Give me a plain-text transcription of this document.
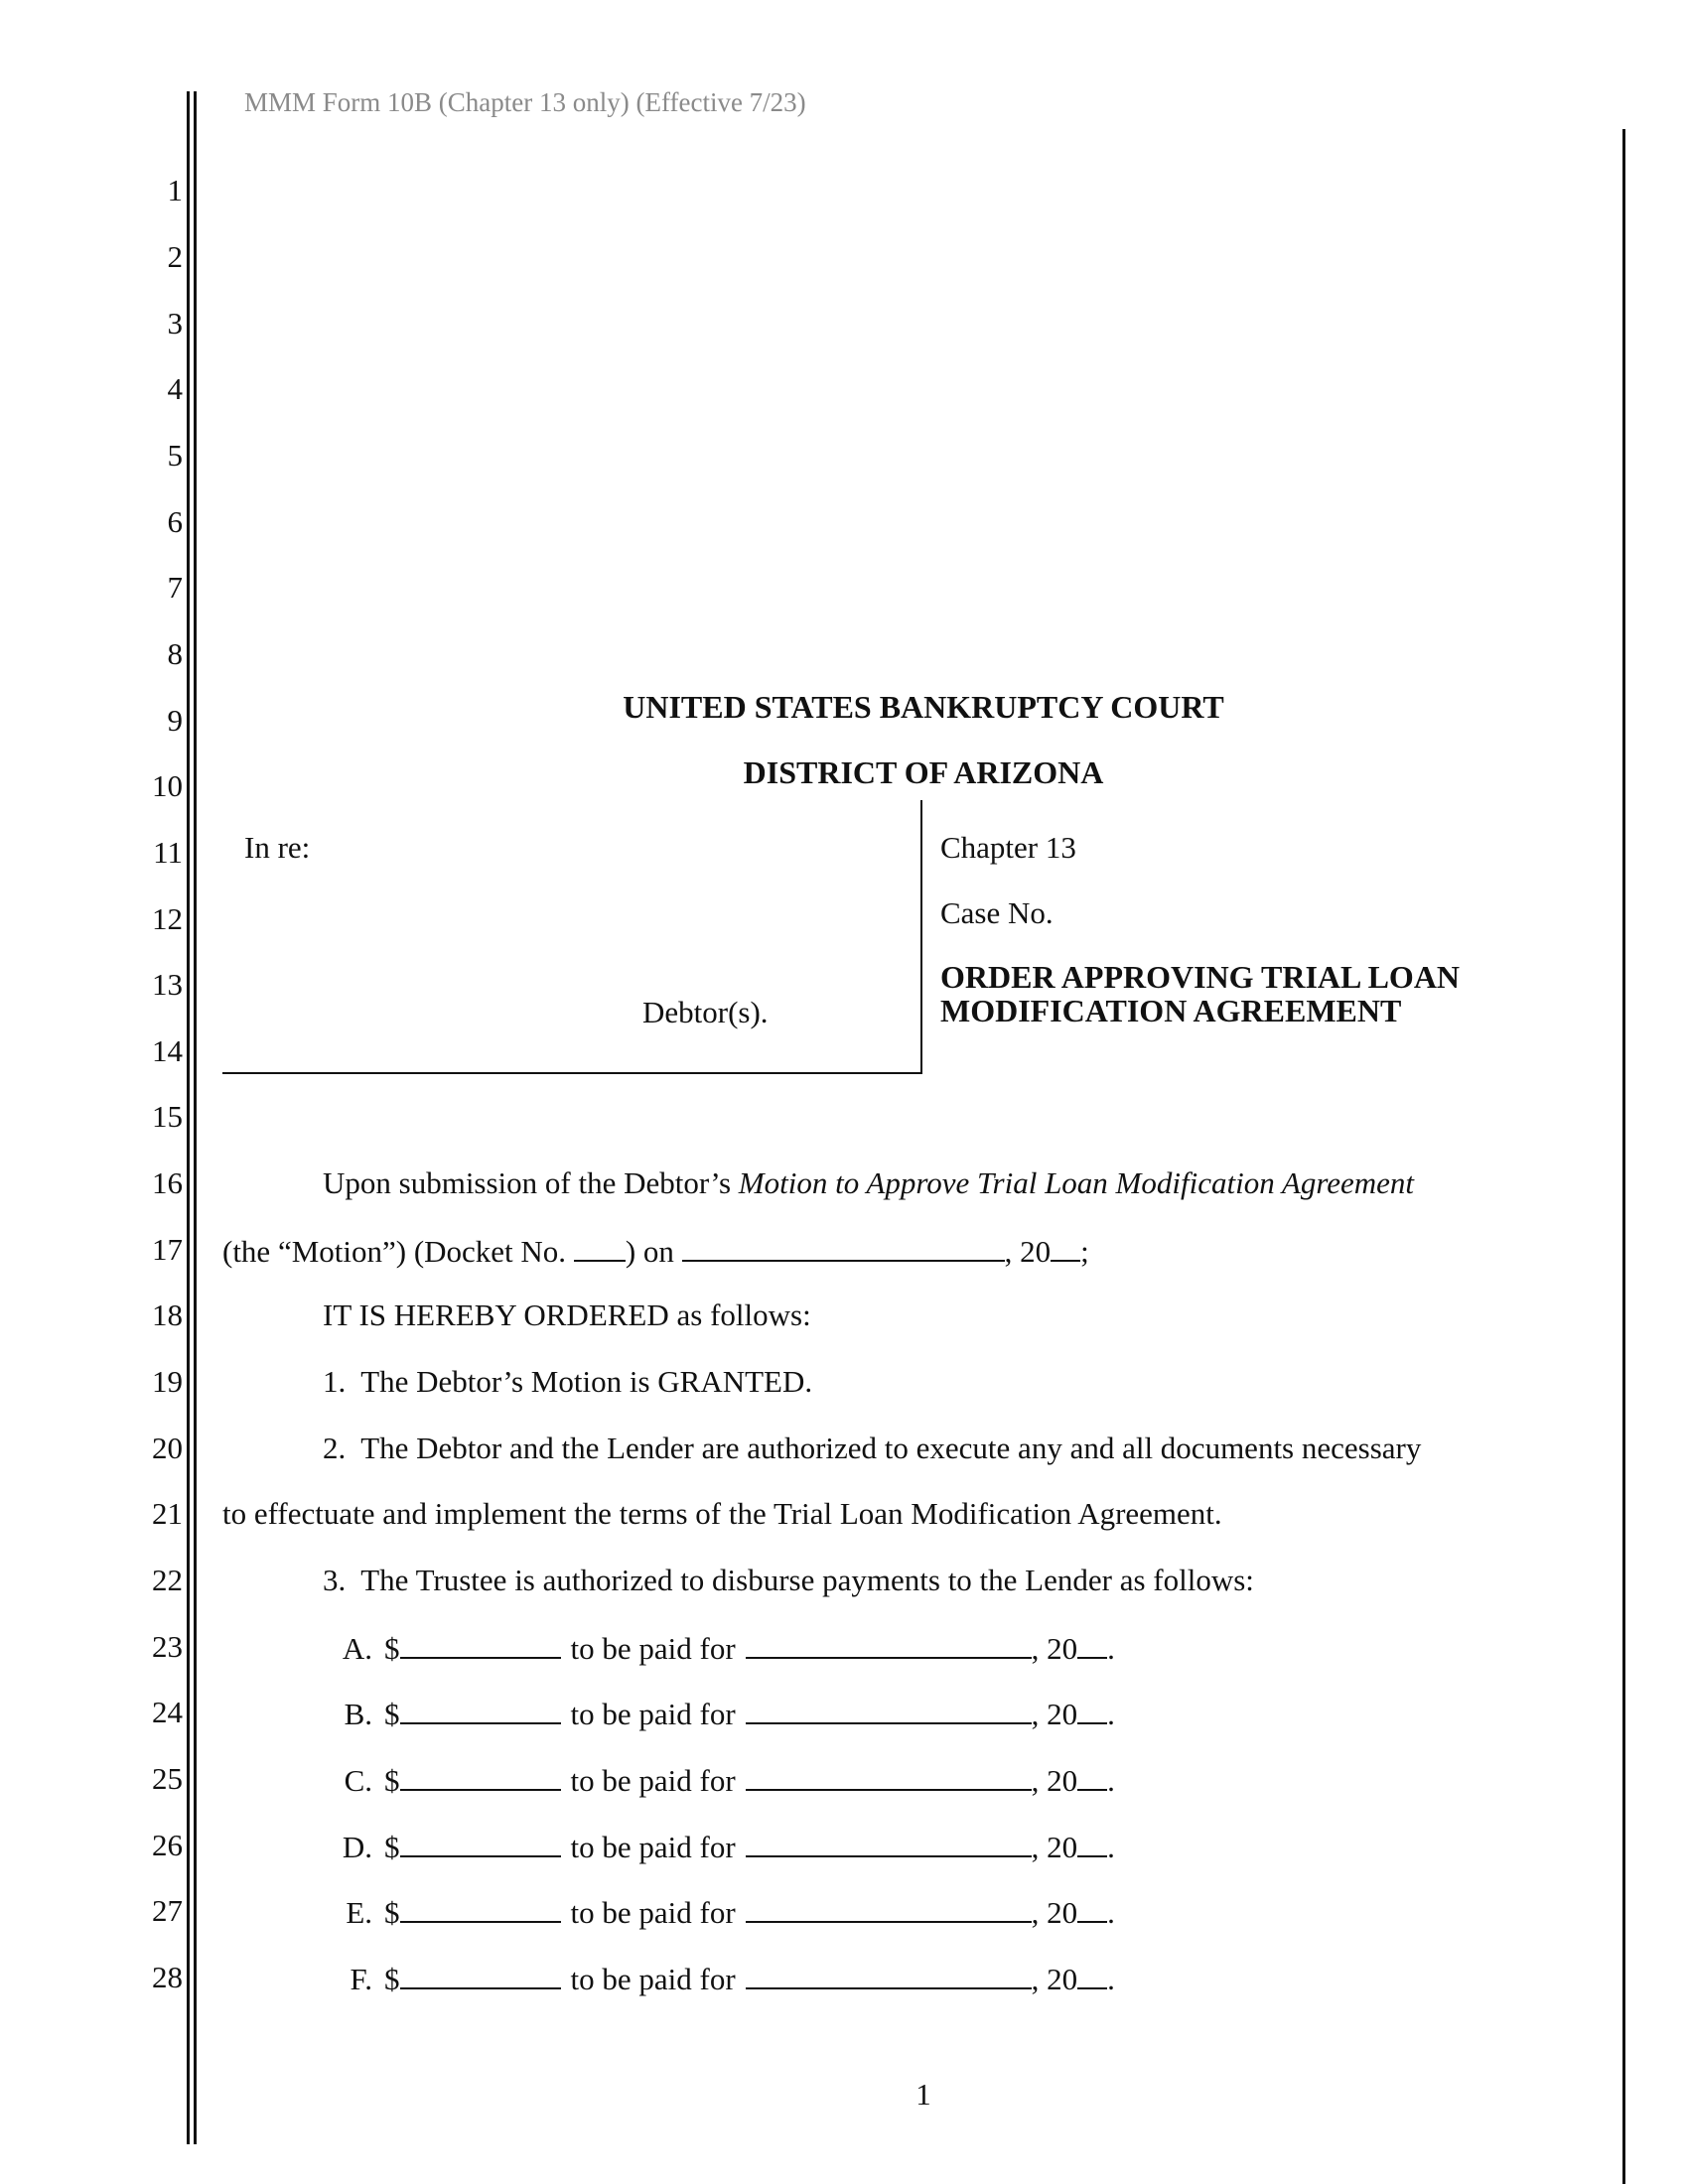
MMM Form 10B (Chapter 13 only) (Effective 7/23)
1
2
3
4
5
6
7
8
9
10
11
12
13
14
15
16
17
18
19
20
21
22
23
24
25
26
27
28
UNITED STATES BANKRUPTCY COURT
DISTRICT OF ARIZONA
In re:
Debtor(s).
Chapter 13
Case No.
ORDER APPROVING TRIAL LOAN
MODIFICATION AGREEMENT
Upon submission of the Debtor’s Motion to Approve Trial Loan Modification Agreement
(the “Motion”) (Docket No. ) on	, 20 ;
IT IS HEREBY ORDERED as follows:
1.  The Debtor’s Motion is GRANTED.
2.  The Debtor and the Lender are authorized to execute any and all documents necessary
to effectuate and implement the terms of the Trial Loan Modification Agreement.
3.  The Trustee is authorized to disburse payments to the Lender as follows:
A. $	to be paid for	, 20 .
B. $	to be paid for	, 20 .
C. $	to be paid for	, 20 .
D. $	to be paid for	, 20 .
E. $	to be paid for	, 20 .
F. $	to be paid for	, 20 .
1
